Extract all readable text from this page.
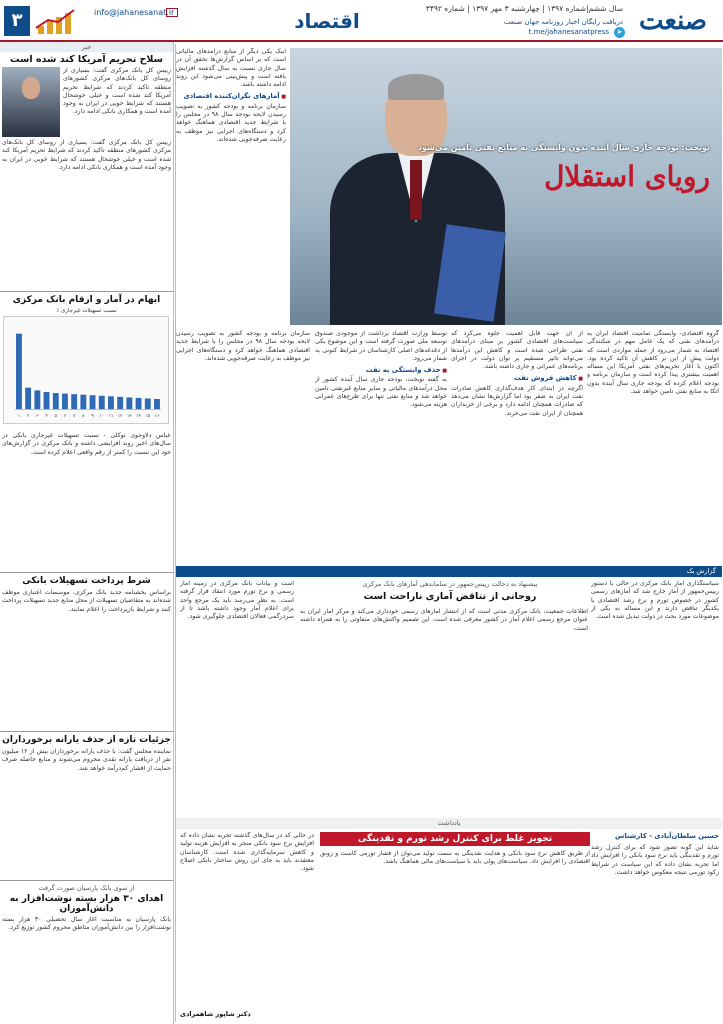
صنعت
سال ششم|شماره ۱۳۹۷ | چهارشنبه ۳ مهر ۱۳۹۷ | شماره ۳۴۹۲
دریافت رایگان اخبار روزنامه جهان صنعت
➤
t.me/jahanesanatpress
اقتصاد
۳	info@jahanesanat.ir
نوبخت: بودجه جاری سال آینده بدون وابستگی به منابع نفتی تامین می‌شود
رویای استقلال

اینک یکی دیگر از منابع درآمدهای مالیاتی است که بر اساس گزارش‌ها تحقق آن در سال جاری نسبت به سال گذشته افزایش یافته است و پیش‌بینی می‌شود این روند ادامه داشته باشد.

■ آمارهای نگران‌کننده اقتصادی

سازمان برنامه و بودجه کشور به تصویب رسیدن لایحه بودجه سال ۹۸ در مجلس را با شرایط جدید اقتصادی هماهنگ خواهد کرد و دستگاه‌های اجرایی نیز موظف به رعایت صرفه‌جویی شده‌اند.

گروه اقتصادی- وابستگی تمامیت اقتصاد ایران به درآمدهای نفتی که یک عامل مهم در شکنندگی اقتصاد به شمار می‌رود از جمله مواردی است که دولت پیش از این بر کاهش آن تاکید کرده بود. اکنون با آغاز تحریم‌های نفتی آمریکا این مساله اهمیت بیشتری پیدا کرده است و سازمان برنامه و بودجه اعلام کرده که بودجه جاری سال آینده بدون اتکا به منابع نفتی تامین خواهد شد.

از آن جهت قابل اهمیت جلوه می‌کرد که سیاست‌های اقتصادی کشور بر مبنای درآمدهای نفتی طراحی شده است و کاهش این درآمدها می‌تواند تاثیر مستقیم بر توان دولت در اجرای برنامه‌های عمرانی و جاری داشته باشد.

■ کاهش فروش نفت

اگرچه در ابتدای کار هدف‌گذاری کاهش صادرات نفت ایران به صفر بود اما گزارش‌ها نشان می‌دهد که صادرات همچنان ادامه دارد و برخی از خریداران همچنان از ایران نفت می‌خرند.

توسط وزارت اقتصاد برداشت از موجودی صندوق توسعه ملی صورت گرفته است و این موضوع یکی از دغدغه‌های اصلی کارشناسان در شرایط کنونی به شمار می‌رود.

■ حذف وابستگی به نفت

به گفته نوبخت، بودجه جاری سال آینده کشور از محل درآمدهای مالیاتی و سایر منابع غیرنفتی تامین خواهد شد و منابع نفتی تنها برای طرح‌های عمرانی هزینه می‌شود.

سازمان برنامه و بودجه کشور به تصویب رسیدن لایحه بودجه سال ۹۸ در مجلس را با شرایط جدید اقتصادی هماهنگ خواهد کرد و دستگاه‌های اجرایی نیز موظف به رعایت صرفه‌جویی شده‌اند.

گزارش یک
پیشنهاد به دخالت رییس‌جمهور در ساماندهی آمارهای بانک مرکزی
روحانی از تناقض آماری ناراحت است

سیاستگذاری آمار بانک مرکزی در حالی با دستور رییس‌جمهور از آمار خارج شد که آمارهای رسمی کشور در خصوص تورم و نرخ رشد اقتصادی با یکدیگر تناقض دارند و این مساله به یکی از موضوعات مورد بحث در دولت تبدیل شده است.

اطلاعات جمعیت، بانک مرکزی مدتی است که از انتشار آمارهای رسمی خودداری می‌کند و مرکز آمار ایران به عنوان مرجع رسمی اعلام آمار در کشور معرفی شده است. این تصمیم واکنش‌های متفاوتی را به همراه داشته است.

است و بیانات بانک مرکزی در زمینه آمار رسمی و نرخ تورم مورد انتقاد قرار گرفته است. به نظر می‌رسد باید یک مرجع واحد برای اعلام آمار وجود داشته باشد تا از سردرگمی فعالان اقتصادی جلوگیری شود.

یادداشت
تجویز غلط برای کنترل رشد تورم و نقدینگی	حسین سلطان‌آبادی - کارشناس

شاید این گونه تصور شود که برای کنترل رشد تورم و نقدینگی باید نرخ سود بانکی را افزایش داد اما تجربه نشان داده که این سیاست در شرایط رکود تورمی نتیجه معکوس خواهد داشت.

از طریق کاهش نرخ سود بانکی و هدایت نقدینگی به سمت تولید می‌توان از فشار تورمی کاست و رونق اقتصادی را افزایش داد. سیاست‌های پولی باید با سیاست‌های مالی هماهنگ باشد.

در حالی که در سال‌های گذشته تجربه نشان داده که افزایش نرخ سود بانکی منجر به افزایش هزینه تولید و کاهش سرمایه‌گذاری شده است. کارشناسان معتقدند باید به جای این روش ساختار بانکی اصلاح شود.

دکتر شاپور شاهمرادی
خبر
سلاح تحریم آمریکا کند شده است
رییس کل بانک مرکزی گفت: بسیاری از روسای کل بانک‌های مرکزی کشورهای منطقه تاکید کردند که شرایط تحریم آمریکا کند شده است و خیلی خوشحال هستند که شرایط خوبی در ایران به وجود آمده است و همکاری بانکی ادامه دارد.
رییس کل بانک مرکزی گفت: بسیاری از روسای کل بانک‌های مرکزی کشورهای منطقه تاکید کردند که شرایط تحریم آمریکا کند شده است و خیلی خوشحال هستند که شرایط خوبی در ایران به وجود آمده است و همکاری بانکی ادامه دارد.
ابهام در آمار و ارقام بانک مرکزی
نسبت تسهیلات غیرجاری ٪
۱ ۲ ۳ ۴ ۵ ۶ ۷ ۸ ۹ ۱۰ ۱۱ ۱۲ ۱۳ ۱۴ ۱۵ ۱۶
عباس دلاوجوی توکلی - نسبت تسهیلات غیرجاری بانکی در سال‌های اخیر روند افزایشی داشته و بانک مرکزی در گزارش‌های خود این نسبت را کمتر از رقم واقعی اعلام کرده است.
شرط پرداخت تسهیلات بانکی
براساس بخشنامه جدید بانک مرکزی، موسسات اعتباری موظف شده‌اند به متقاضیان تسهیلات از محل منابع جدید تسهیلات پرداخت کنند و شرایط بازپرداخت را اعلام نمایند.
جزئیات تازه از حذف یارانه برخورداران
نماینده مجلس گفت: با حذف یارانه برخورداران بیش از ۱۲ میلیون نفر از دریافت یارانه نقدی محروم می‌شوند و منابع حاصله صرف حمایت از اقشار کم‌درآمد خواهد شد.
از سوی بانک پارسیان صورت گرفت
اهدای ۳۰ هزار بسته نوشت‌افزار به دانش‌آموزان
بانک پارسیان به مناسبت آغاز سال تحصیلی ۳۰ هزار بسته نوشت‌افزار را بین دانش‌آموزان مناطق محروم کشور توزیع کرد.
